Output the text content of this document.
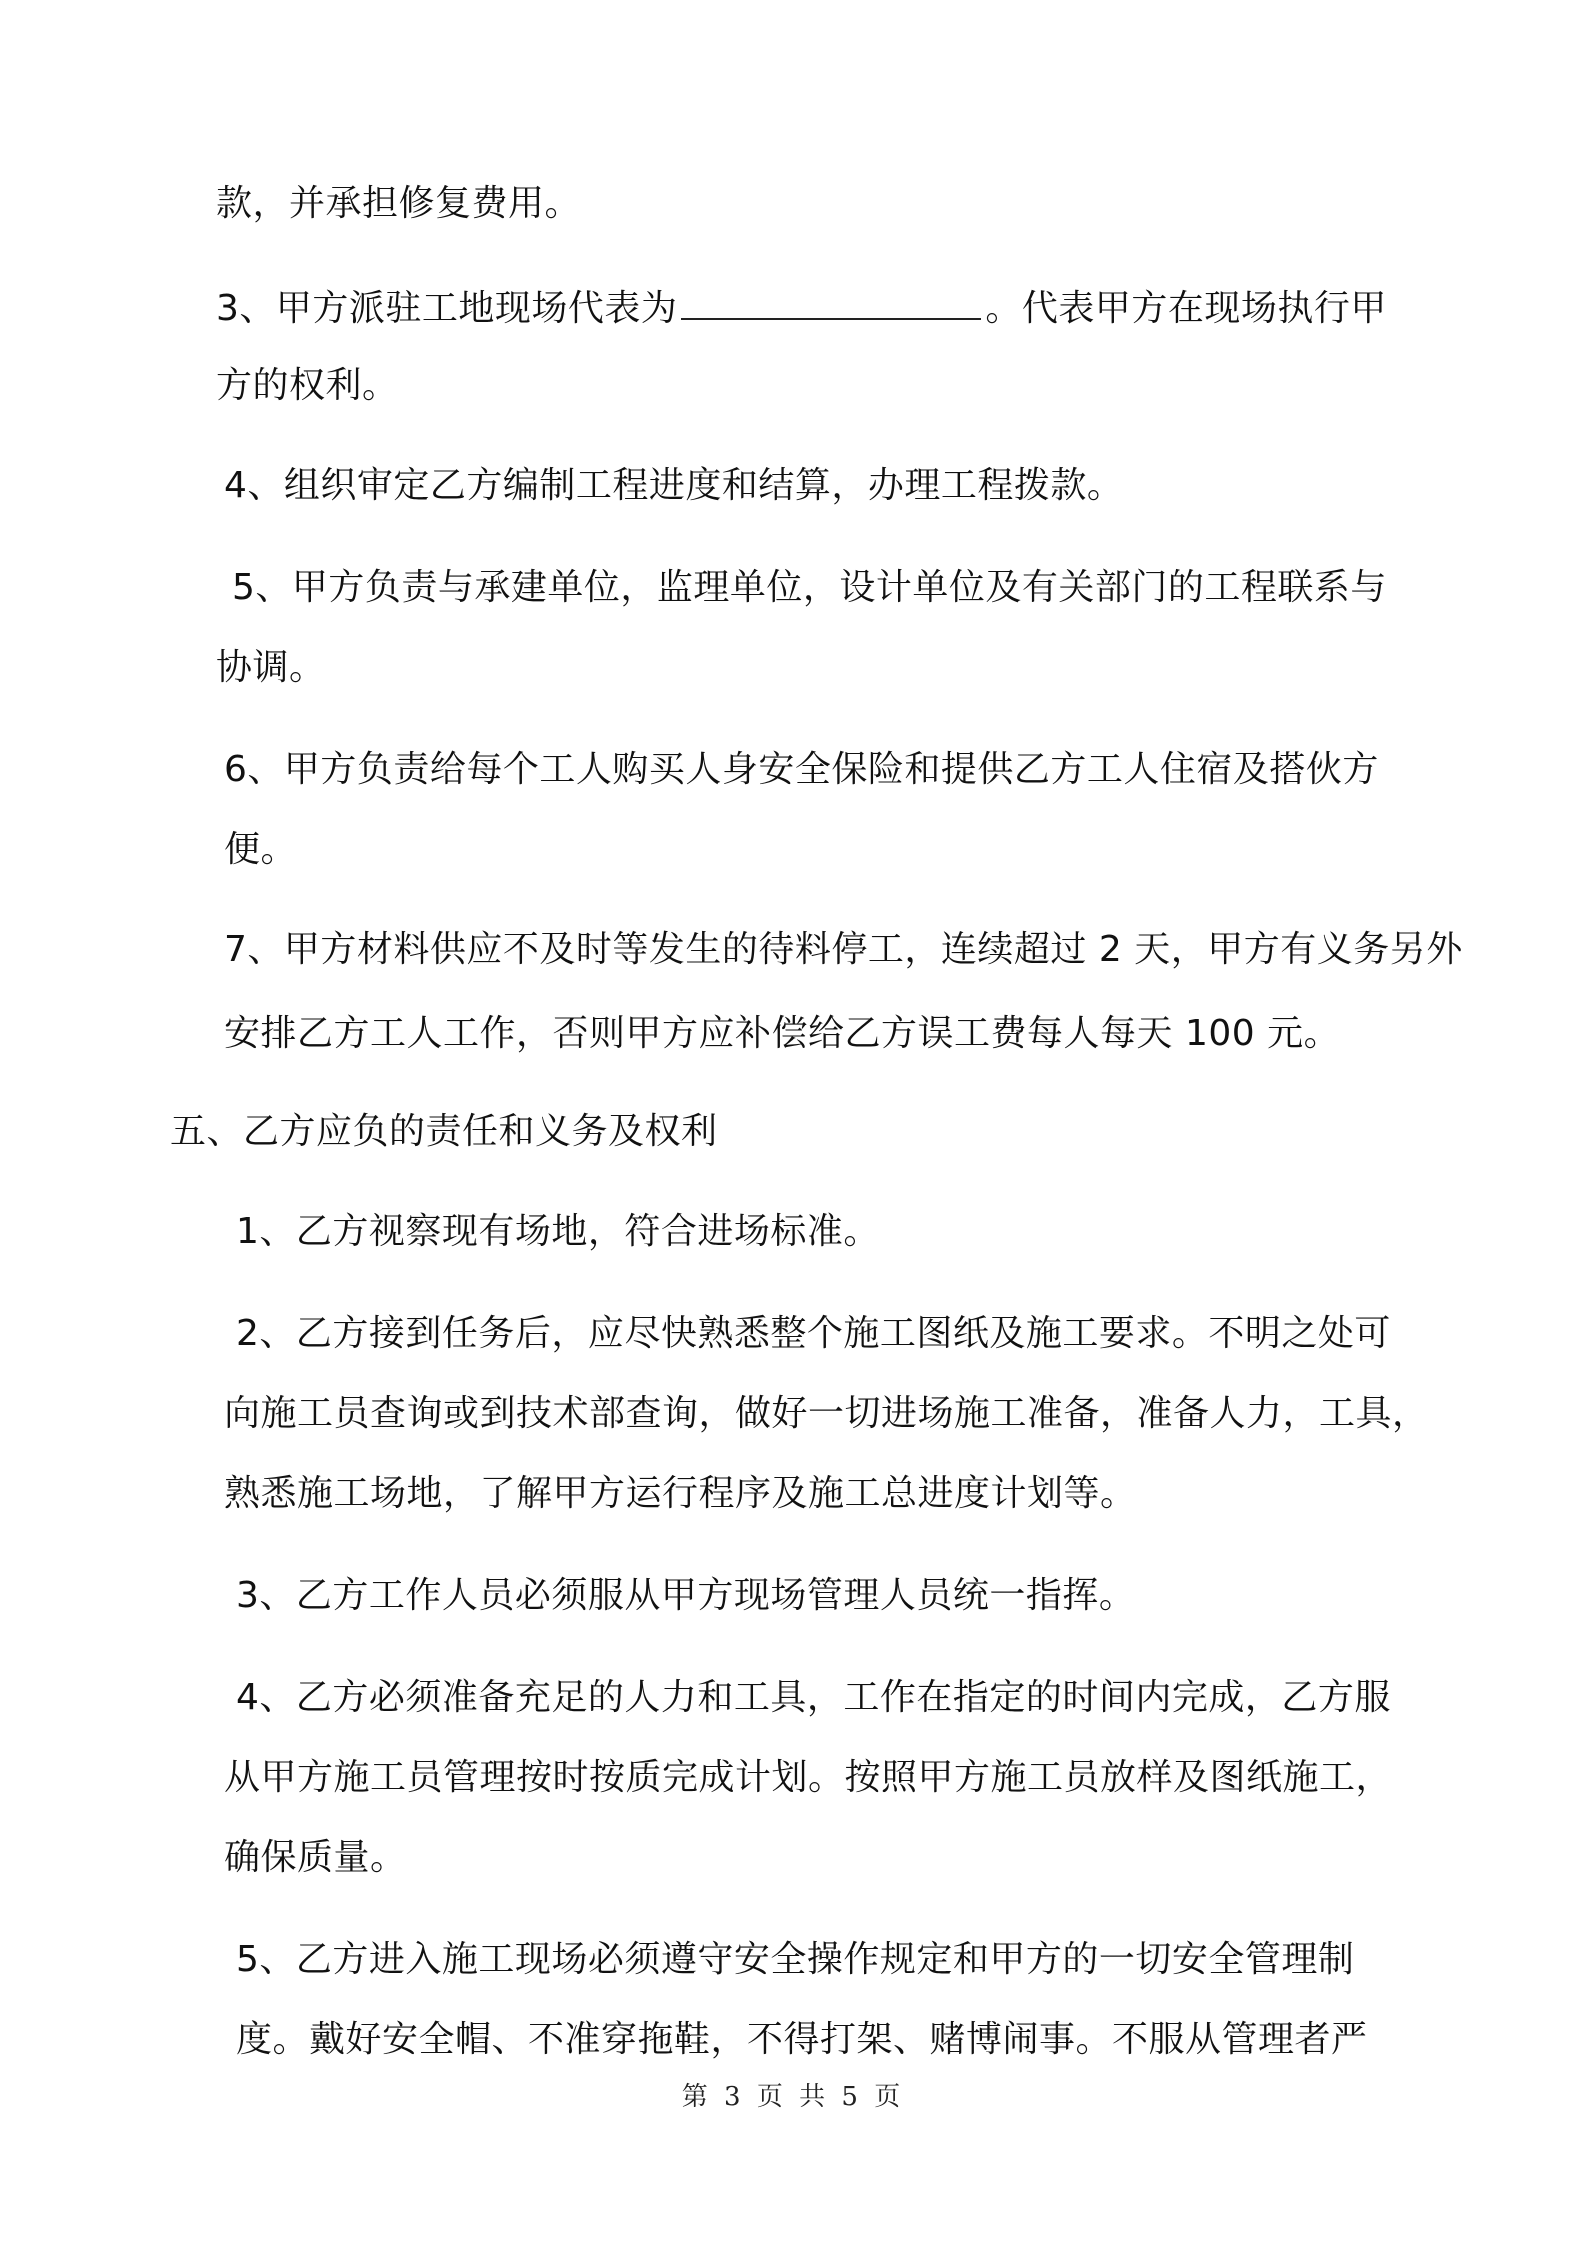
款，并承担修复费用。
3、甲方派驻工地现场代表为	。代表甲方在现场执行甲
方的权利。
4、组织审定乙方编制工程进度和结算，办理工程拨款。
5、甲方负责与承建单位，监理单位，设计单位及有关部门的工程联系与
协调。
6、甲方负责给每个工人购买人身安全保险和提供乙方工人住宿及搭伙方
便。
7、甲方材料供应不及时等发生的待料停工，连续超过 2 天，甲方有义务另外
安排乙方工人工作，否则甲方应补偿给乙方误工费每人每天 100 元。
五、乙方应负的责任和义务及权利
1、乙方视察现有场地，符合进场标准。
2、乙方接到任务后，应尽快熟悉整个施工图纸及施工要求。不明之处可
向施工员查询或到技术部查询，做好一切进场施工准备，准备人力，工具，
熟悉施工场地，了解甲方运行程序及施工总进度计划等。
3、乙方工作人员必须服从甲方现场管理人员统一指挥。
4、乙方必须准备充足的人力和工具，工作在指定的时间内完成，乙方服
从甲方施工员管理按时按质完成计划。按照甲方施工员放样及图纸施工，
确保质量。
5、乙方进入施工现场必须遵守安全操作规定和甲方的一切安全管理制
度。戴好安全帽、不准穿拖鞋，不得打架、赌博闹事。不服从管理者严
第 3 页 共 5 页
